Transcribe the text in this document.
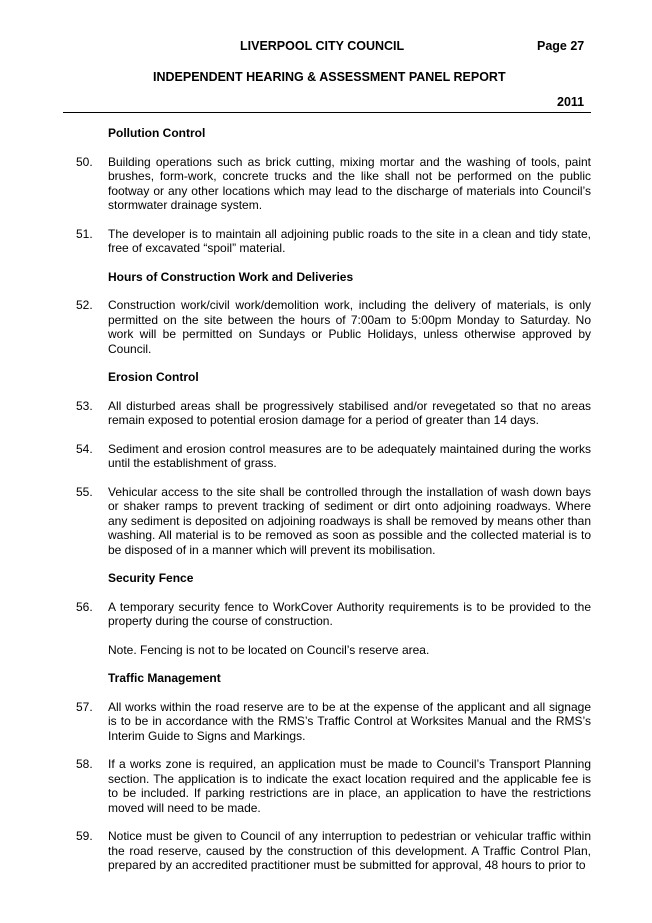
LIVERPOOL CITY COUNCIL	Page 27
INDEPENDENT HEARING & ASSESSMENT PANEL REPORT
2011
Pollution Control
50.	Building operations such as brick cutting, mixing mortar and the washing of tools, paint brushes, form-work, concrete trucks and the like shall not be performed on the public footway or any other locations which may lead to the discharge of materials into Council’s stormwater drainage system.
51.	The developer is to maintain all adjoining public roads to the site in a clean and tidy state, free of excavated “spoil” material.
Hours of Construction Work and Deliveries
52.	Construction work/civil work/demolition work, including the delivery of materials, is only permitted on the site between the hours of 7:00am to 5:00pm Monday to Saturday. No work will be permitted on Sundays or Public Holidays, unless otherwise approved by Council.
Erosion Control
53.	All disturbed areas shall be progressively stabilised and/or revegetated so that no areas remain exposed to potential erosion damage for a period of greater than 14 days.
54.	Sediment and erosion control measures are to be adequately maintained during the works until the establishment of grass.
55.	Vehicular access to the site shall be controlled through the installation of wash down bays or shaker ramps to prevent tracking of sediment or dirt onto adjoining roadways. Where any sediment is deposited on adjoining roadways is shall be removed by means other than washing. All material is to be removed as soon as possible and the collected material is to be disposed of in a manner which will prevent its mobilisation.
Security Fence
56.	A temporary security fence to WorkCover Authority requirements is to be provided to the property during the course of construction.
Note. Fencing is not to be located on Council’s reserve area.
Traffic Management
57.	All works within the road reserve are to be at the expense of the applicant and all signage is to be in accordance with the RMS’s Traffic Control at Worksites Manual and the RMS’s Interim Guide to Signs and Markings.
58.	If a works zone is required, an application must be made to Council’s Transport Planning section. The application is to indicate the exact location required and the applicable fee is to be included. If parking restrictions are in place, an application to have the restrictions moved will need to be made.
59.	Notice must be given to Council of any interruption to pedestrian or vehicular traffic within the road reserve, caused by the construction of this development. A Traffic Control Plan, prepared by an accredited practitioner must be submitted for approval, 48 hours to prior to
